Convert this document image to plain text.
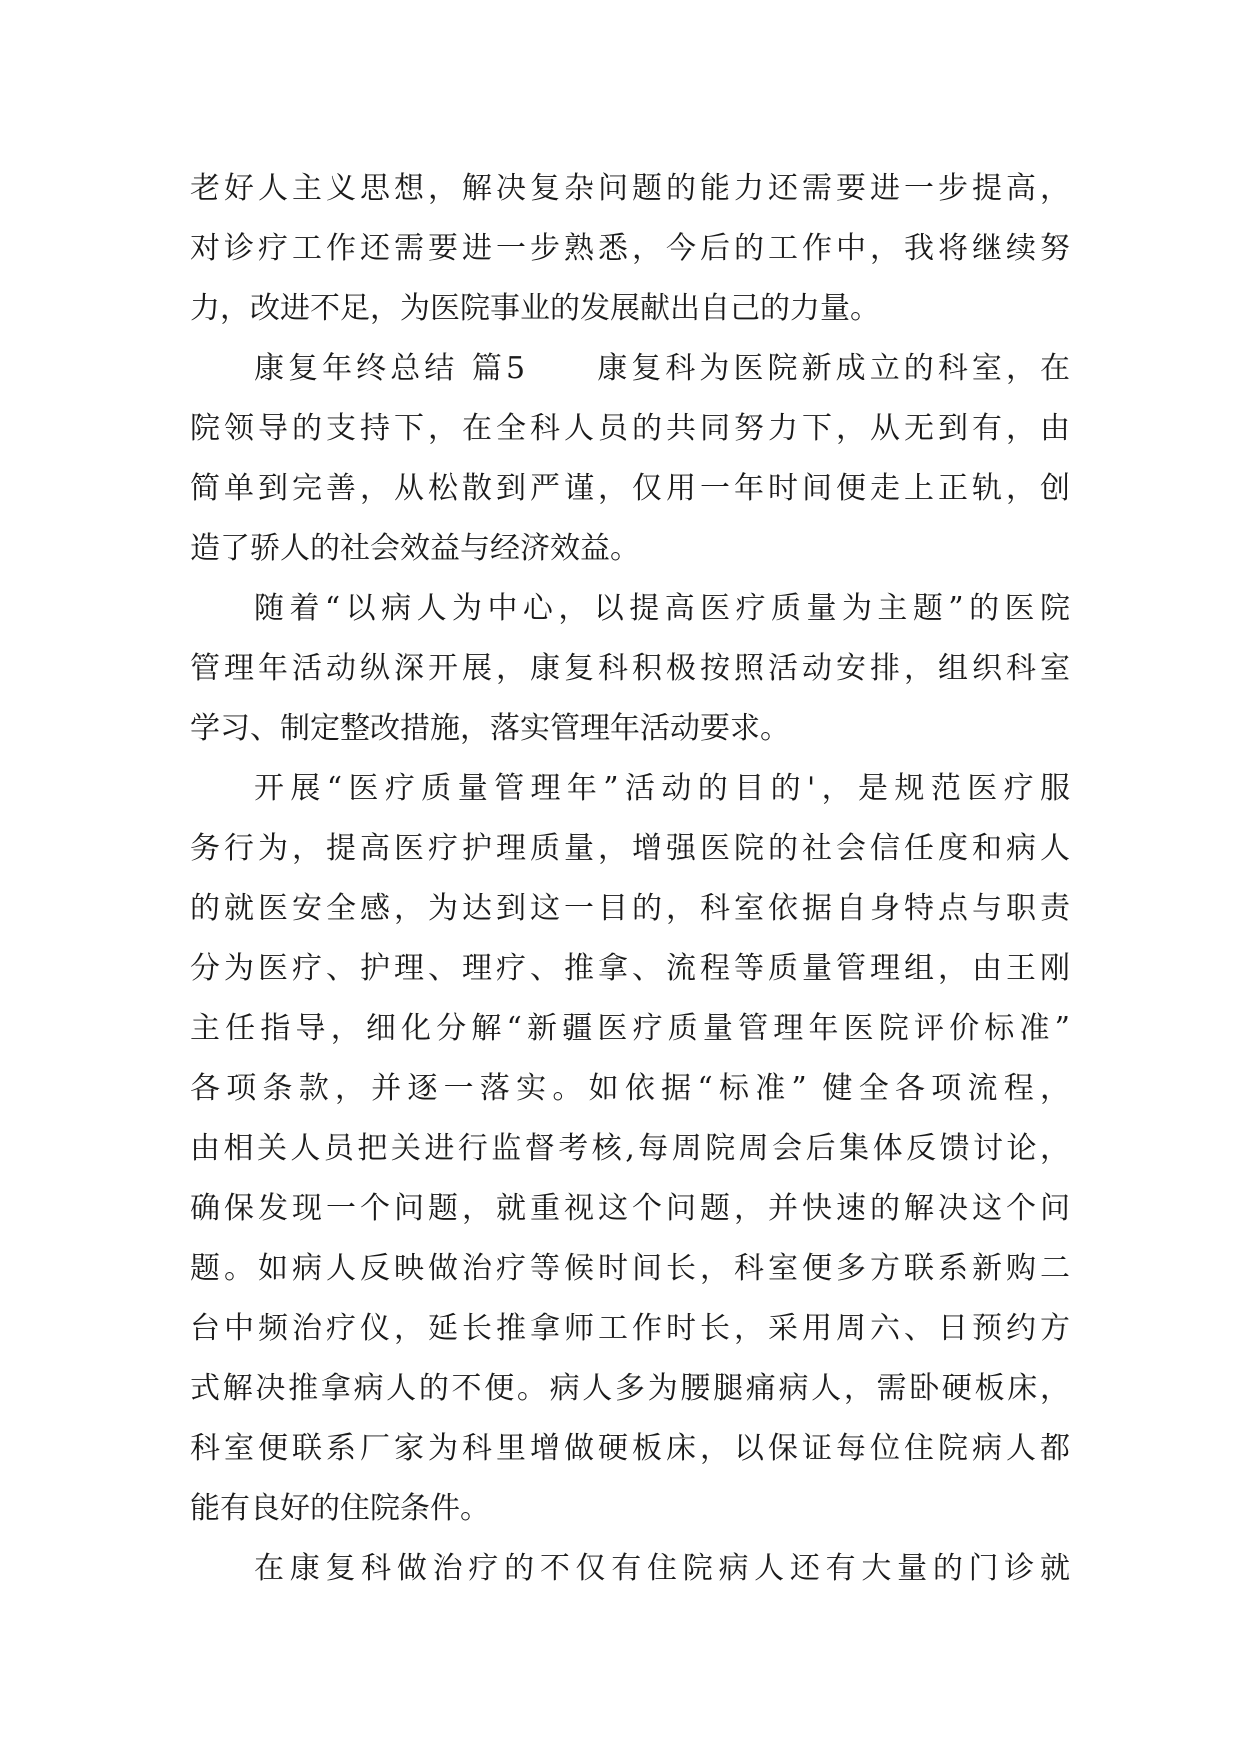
老好人主义思想，解决复杂问题的能力还需要进一步提高，
对诊疗工作还需要进一步熟悉，今后的工作中，我将继续努
力，改进不足，为医院事业的发展献出自己的力量。
康复年终总结 篇5　　康复科为医院新成立的科室，在
院领导的支持下，在全科人员的共同努力下，从无到有，由
简单到完善，从松散到严谨，仅用一年时间便走上正轨，创
造了骄人的社会效益与经济效益。
随着“以病人为中心，以提高医疗质量为主题”的医院
管理年活动纵深开展，康复科积极按照活动安排，组织科室
学习、制定整改措施，落实管理年活动要求。
开展“医疗质量管理年”活动的目的'，是规范医疗服
务行为，提高医疗护理质量，增强医院的社会信任度和病人
的就医安全感，为达到这一目的，科室依据自身特点与职责
分为医疗、护理、理疗、推拿、流程等质量管理组，由王刚
主任指导，细化分解“新疆医疗质量管理年医院评价标准”
各项条款，并逐一落实。如依据“标准” 健全各项流程，
由相关人员把关进行监督考核,每周院周会后集体反馈讨论，
确保发现一个问题，就重视这个问题，并快速的解决这个问
题。如病人反映做治疗等候时间长，科室便多方联系新购二
台中频治疗仪，延长推拿师工作时长，采用周六、日预约方
式解决推拿病人的不便。病人多为腰腿痛病人，需卧硬板床，
科室便联系厂家为科里增做硬板床，以保证每位住院病人都
能有良好的住院条件。
在康复科做治疗的不仅有住院病人还有大量的门诊就
